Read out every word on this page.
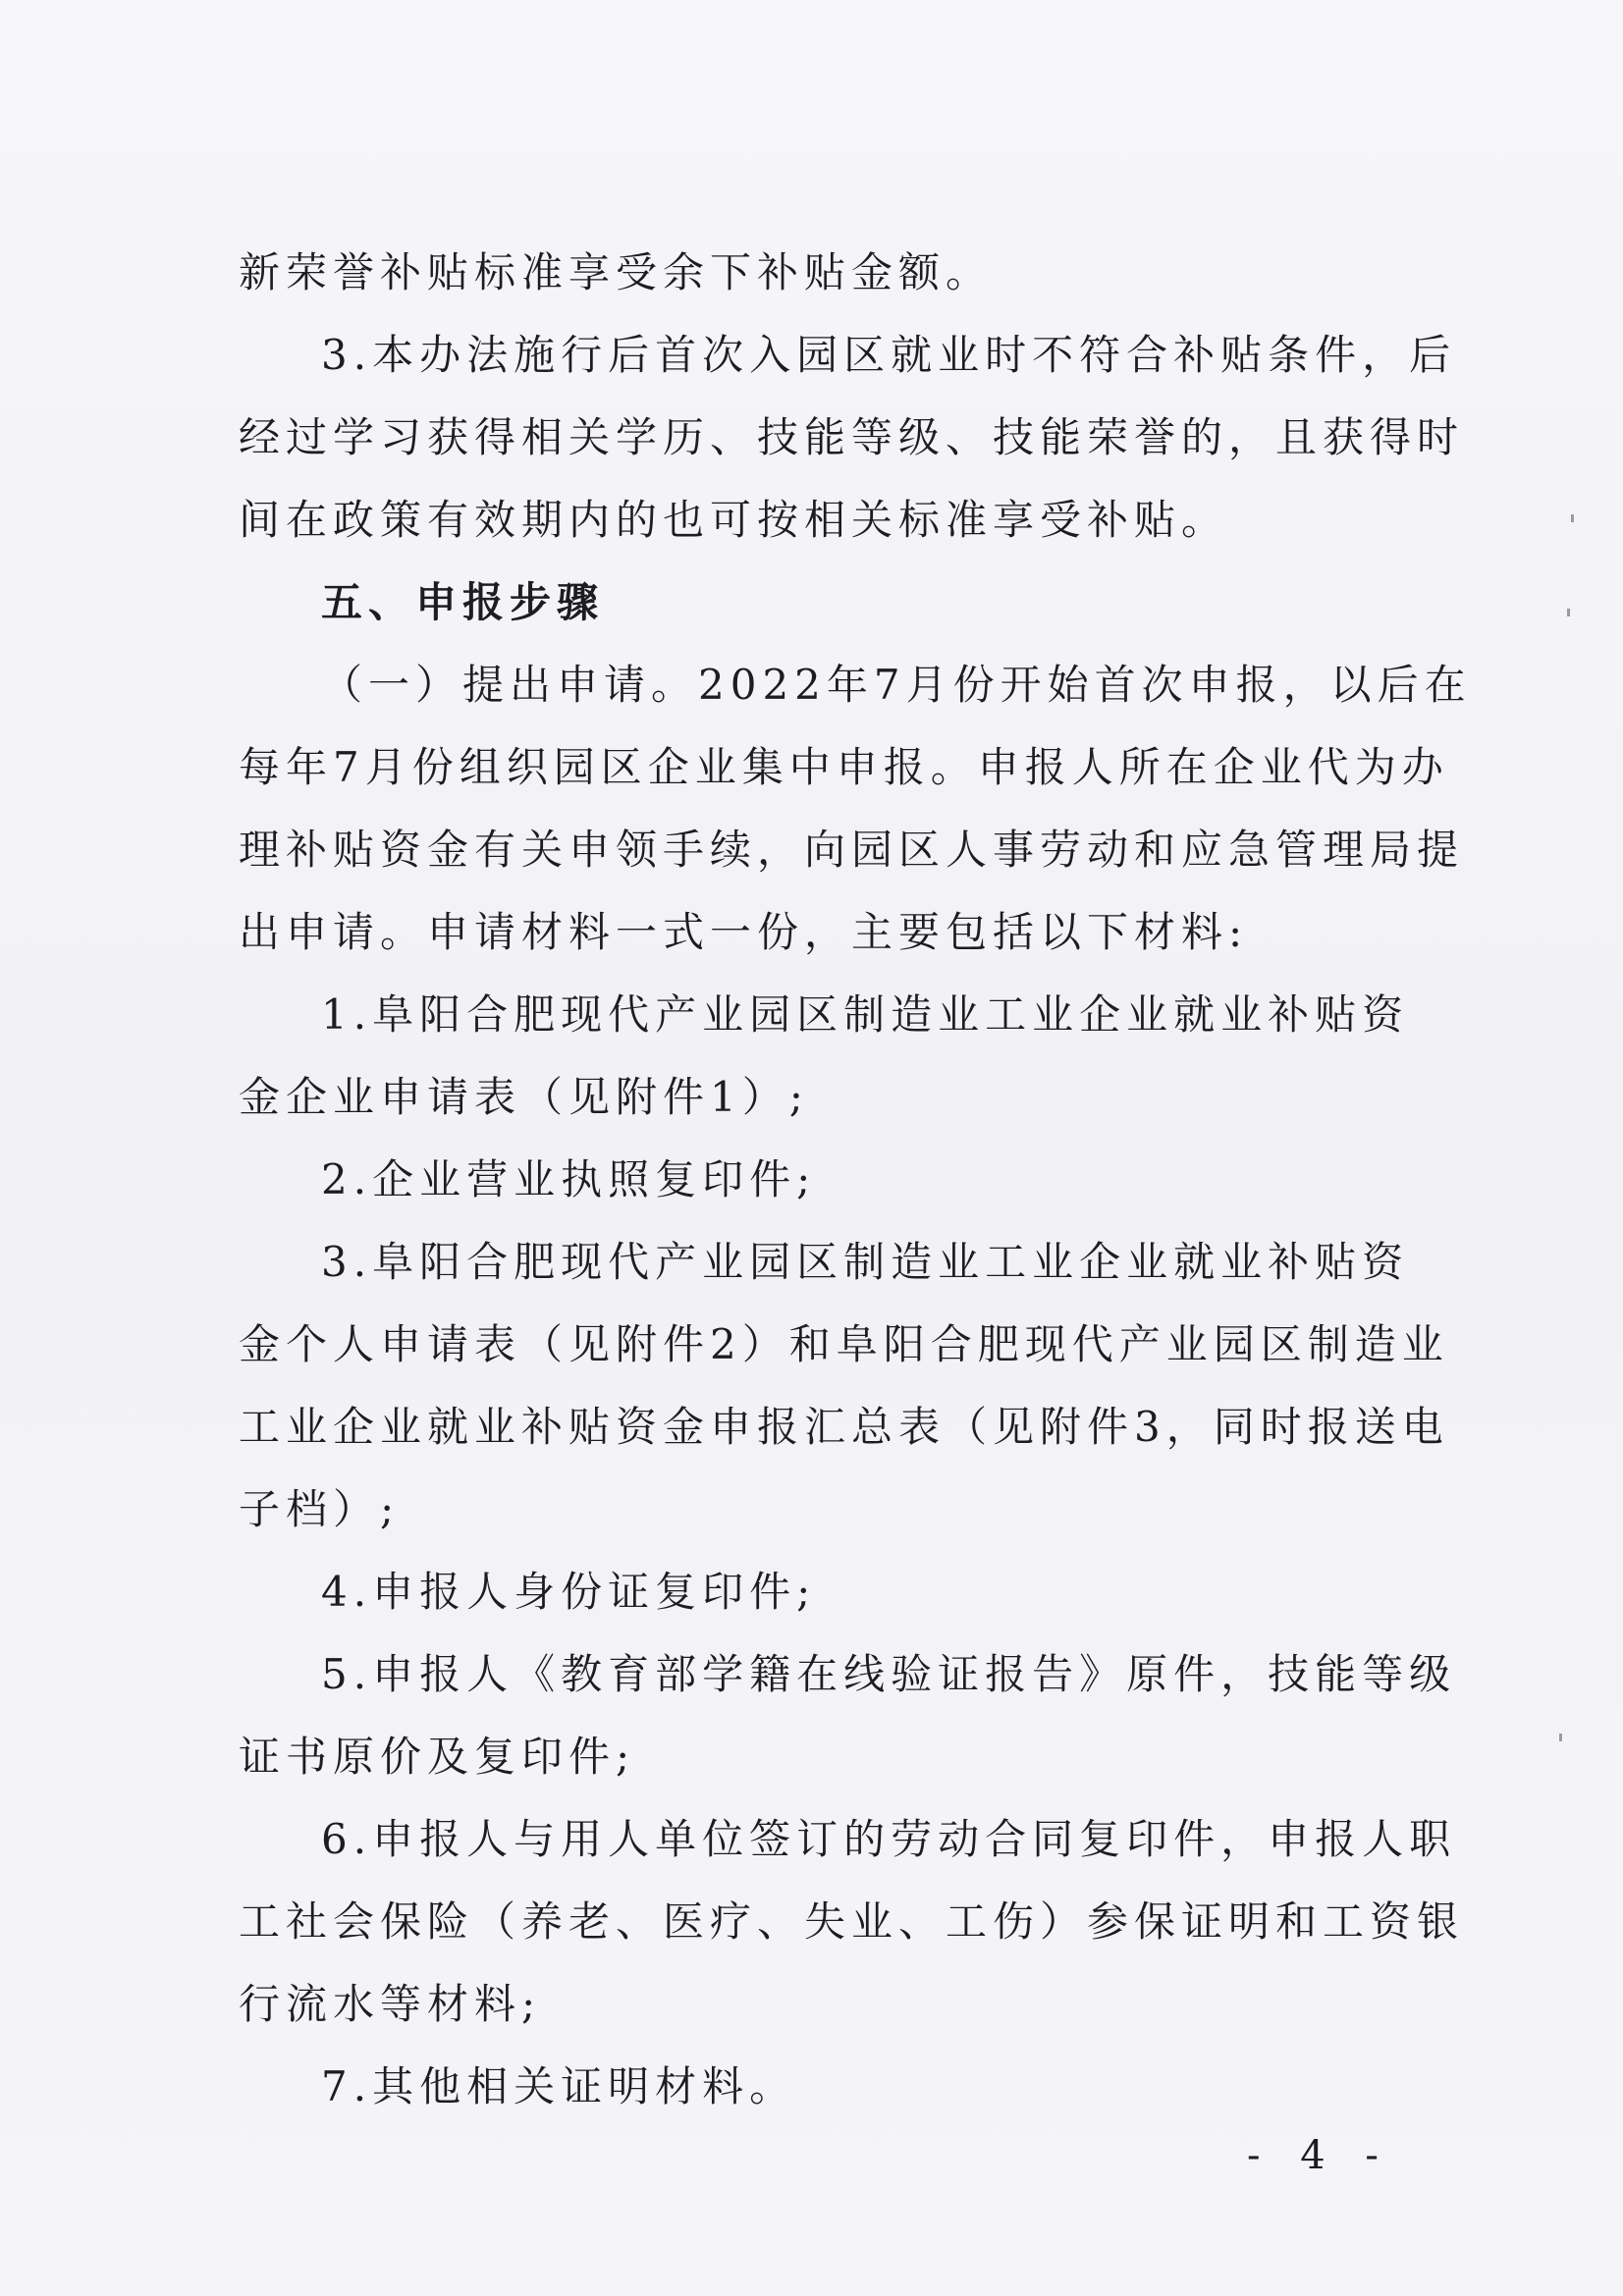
新荣誉补贴标准享受余下补贴金额。
3.本办法施行后首次入园区就业时不符合补贴条件，后
经过学习获得相关学历、技能等级、技能荣誉的，且获得时
间在政策有效期内的也可按相关标准享受补贴。
五、申报步骤
（一）提出申请。2022年7月份开始首次申报，以后在
每年7月份组织园区企业集中申报。申报人所在企业代为办
理补贴资金有关申领手续，向园区人事劳动和应急管理局提
出申请。申请材料一式一份，主要包括以下材料:
1.阜阳合肥现代产业园区制造业工业企业就业补贴资
金企业申请表（见附件1）;
2.企业营业执照复印件;
3.阜阳合肥现代产业园区制造业工业企业就业补贴资
金个人申请表（见附件2）和阜阳合肥现代产业园区制造业
工业企业就业补贴资金申报汇总表（见附件3，同时报送电
子档）;
4.申报人身份证复印件;
5.申报人《教育部学籍在线验证报告》原件，技能等级
证书原价及复印件;
6.申报人与用人单位签订的劳动合同复印件，申报人职
工社会保险（养老、医疗、失业、工伤）参保证明和工资银
行流水等材料;
7.其他相关证明材料。
- 4 -
